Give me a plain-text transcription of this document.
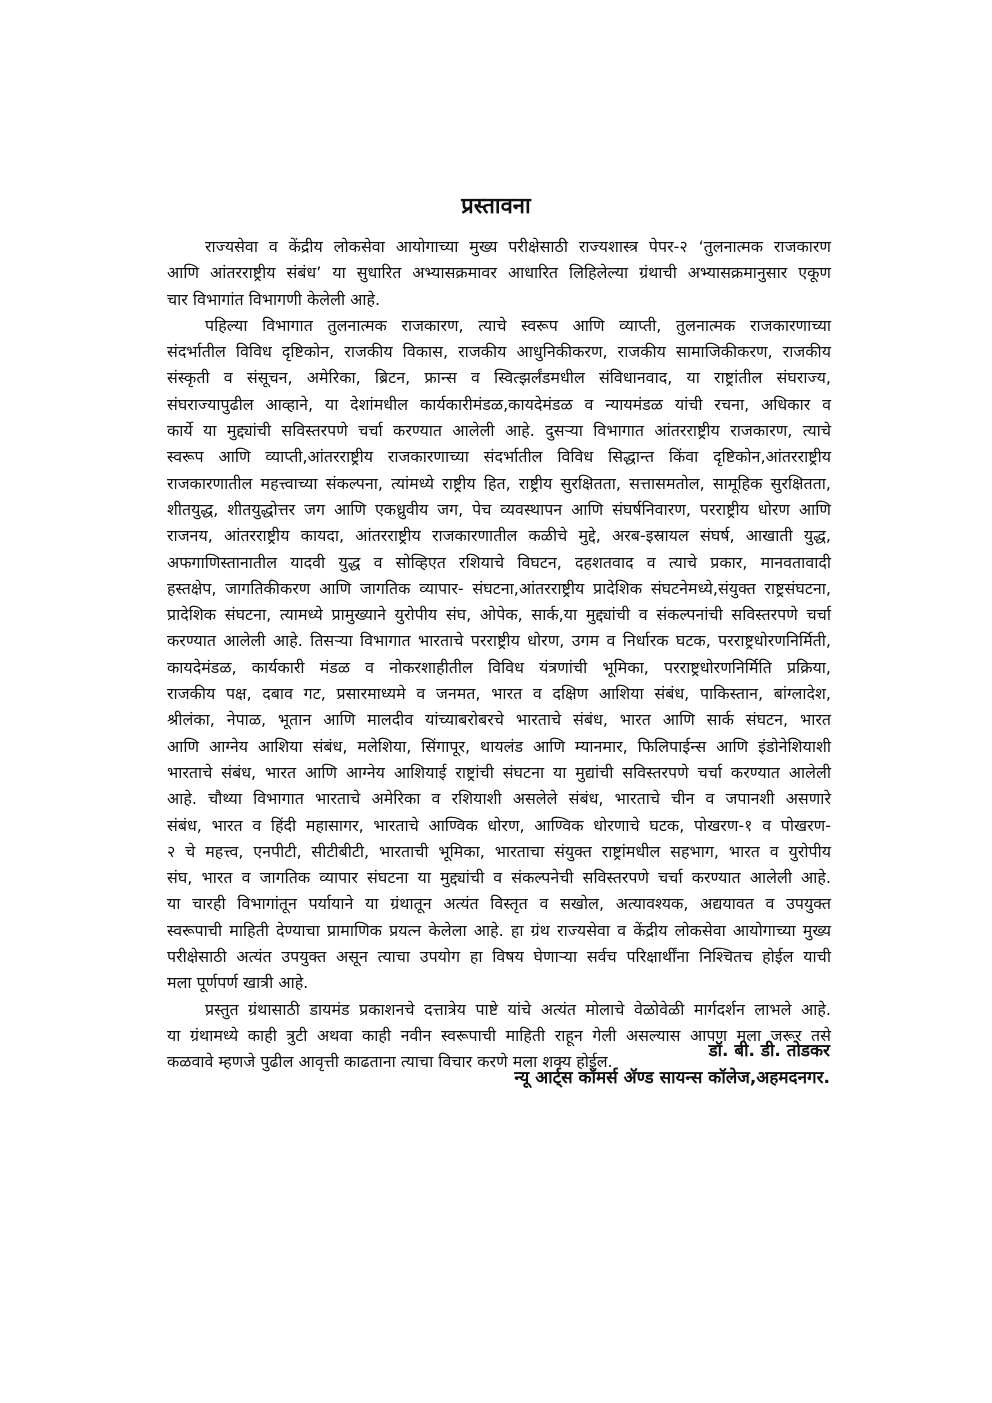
प्रस्तावना
राज्यसेवा व केंद्रीय लोकसेवा आयोगाच्या मुख्य परीक्षेसाठी राज्यशास्त्र पेपर-२ ‘तुलनात्मक राजकारण
आणि आंतरराष्ट्रीय संबंध’ या सुधारित अभ्यासक्रमावर आधारित लिहिलेल्या ग्रंथाची अभ्यासक्रमानुसार एकूण
चार विभागांत विभागणी केलेली आहे.
पहिल्या विभागात तुलनात्मक राजकारण, त्याचे स्वरूप आणि व्याप्ती, तुलनात्मक राजकारणाच्या
संदर्भातील विविध दृष्टिकोन, राजकीय विकास, राजकीय आधुनिकीकरण, राजकीय सामाजिकीकरण, राजकीय
संस्कृती व संसूचन, अमेरिका, ब्रिटन, फ्रान्स व स्वित्झर्लंडमधील संविधानवाद, या राष्ट्रांतील संघराज्य,
संघराज्यापुढील आव्हाने, या देशांमधील कार्यकारीमंडळ,कायदेमंडळ व न्यायमंडळ यांची रचना, अधिकार व
कार्ये या मुद्द्यांची सविस्तरपणे चर्चा करण्यात आलेली आहे. दुसऱ्या विभागात आंतरराष्ट्रीय राजकारण, त्याचे
स्वरूप आणि व्याप्ती,आंतरराष्ट्रीय राजकारणाच्या संदर्भातील विविध सिद्धान्त किंवा दृष्टिकोन,आंतरराष्ट्रीय
राजकारणातील महत्त्वाच्या संकल्पना, त्यांमध्ये राष्ट्रीय हित, राष्ट्रीय सुरक्षितता, सत्तासमतोल, सामूहिक सुरक्षितता,
शीतयुद्ध, शीतयुद्धोत्तर जग आणि एकध्रुवीय जग, पेच व्यवस्थापन आणि संघर्षनिवारण, परराष्ट्रीय धोरण आणि
राजनय, आंतरराष्ट्रीय कायदा, आंतरराष्ट्रीय राजकारणातील कळीचे मुद्दे, अरब-इस्रायल संघर्ष, आखाती युद्ध,
अफगाणिस्तानातील यादवी युद्ध व सोव्हिएत रशियाचे विघटन, दहशतवाद व त्याचे प्रकार, मानवतावादी
हस्तक्षेप, जागतिकीकरण आणि जागतिक व्यापार- संघटना,आंतरराष्ट्रीय प्रादेशिक संघटनेमध्ये,संयुक्त राष्ट्रसंघटना,
प्रादेशिक संघटना, त्यामध्ये प्रामुख्याने युरोपीय संघ, ओपेक, सार्क,या मुद्द्यांची व संकल्पनांची सविस्तरपणे चर्चा
करण्यात आलेली आहे. तिसऱ्या विभागात भारताचे परराष्ट्रीय धोरण, उगम व निर्धारक घटक, परराष्ट्रधोरणनिर्मिती,
कायदेमंडळ, कार्यकारी मंडळ व नोकरशाहीतील विविध यंत्रणांची भूमिका, परराष्ट्रधोरणनिर्मिति प्रक्रिया,
राजकीय पक्ष, दबाव गट, प्रसारमाध्यमे व जनमत, भारत व दक्षिण आशिया संबंध, पाकिस्तान, बांग्लादेश,
श्रीलंका, नेपाळ, भूतान आणि मालदीव यांच्याबरोबरचे भारताचे संबंध, भारत आणि सार्क संघटन, भारत
आणि आग्नेय आशिया संबंध, मलेशिया, सिंगापूर, थायलंड आणि म्यानमार, फिलिपाईन्स आणि इंडोनेशियाशी
भारताचे संबंध, भारत आणि आग्नेय आशियाई राष्ट्रांची संघटना या मुद्यांची सविस्तरपणे चर्चा करण्यात आलेली
आहे. चौथ्या विभागात भारताचे अमेरिका व रशियाशी असलेले संबंध, भारताचे चीन व जपानशी असणारे
संबंध, भारत व हिंदी महासागर, भारताचे आण्विक धोरण, आण्विक धोरणाचे घटक, पोखरण-१ व पोखरण-
२ चे महत्त्व, एनपीटी, सीटीबीटी, भारताची भूमिका, भारताचा संयुक्त राष्ट्रांमधील सहभाग, भारत व युरोपीय
संघ, भारत व जागतिक व्यापार संघटना या मुद्द्यांची व संकल्पनेची सविस्तरपणे चर्चा करण्यात आलेली आहे.
या चारही विभागांतून पर्यायाने या ग्रंथातून अत्यंत विस्तृत व सखोल, अत्यावश्यक, अद्ययावत व उपयुक्त
स्वरूपाची माहिती देण्याचा प्रामाणिक प्रयत्न केलेला आहे. हा ग्रंथ राज्यसेवा व केंद्रीय लोकसेवा आयोगाच्या मुख्य
परीक्षेसाठी अत्यंत उपयुक्त असून त्याचा उपयोग हा विषय घेणाऱ्या सर्वच परिक्षार्थींना निश्चितच होईल याची
मला पूर्णपर्ण खात्री आहे.
प्रस्तुत ग्रंथासाठी डायमंड प्रकाशनचे दत्तात्रेय पाष्टे यांचे अत्यंत मोलाचे वेळोवेळी मार्गदर्शन लाभले आहे.
या ग्रंथामध्ये काही त्रुटी अथवा काही नवीन स्वरूपाची माहिती राहून गेली असल्यास आपण मला जरूर तसे
कळवावे म्हणजे पुढील आवृत्ती काढताना त्याचा विचार करणे मला शक्य होईल.
डॉ. बी. डी. तोडकर
न्यू आर्ट्स कॉमर्स ॲण्ड सायन्स कॉलेज,अहमदनगर.
